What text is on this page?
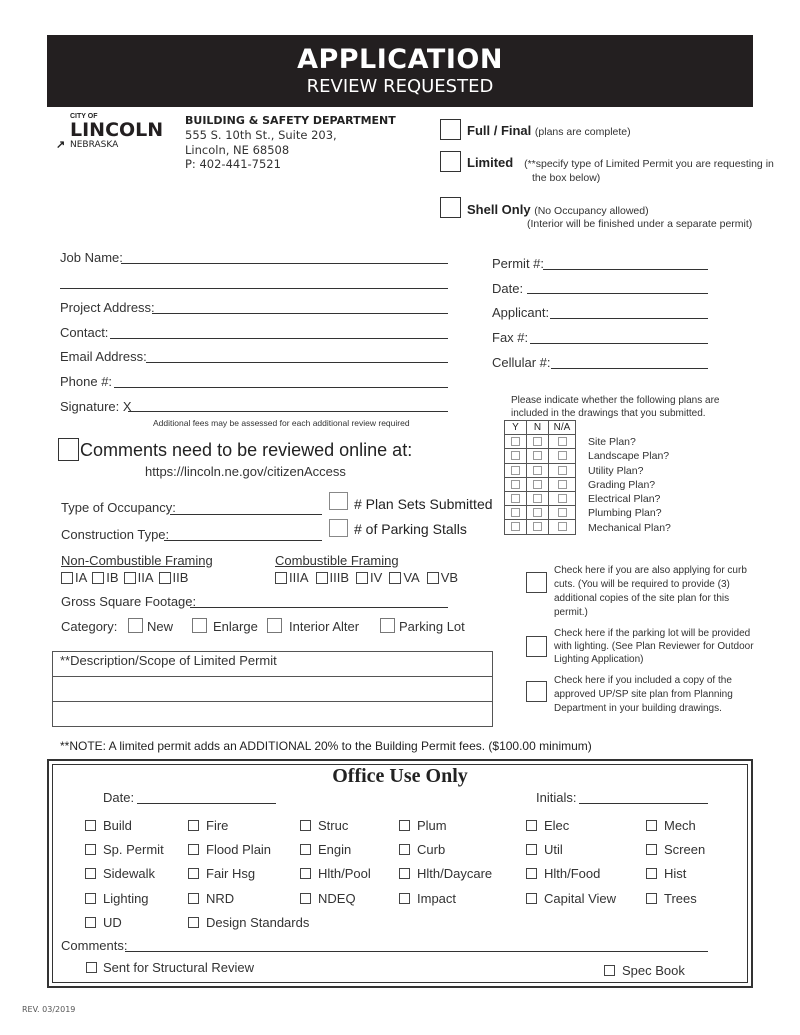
APPLICATION
REVIEW REQUESTED
CITY OF
LINCOLN
↗ NEBRASKA
BUILDING & SAFETY DEPARTMENT
555 S. 10th St., Suite 203,
Lincoln, NE 68508
P: 402-441-7521
Full / Final (plans are complete)
Limited (**specify type of Limited Permit you are requesting in
the box below)
Shell Only (No Occupancy allowed)
(Interior will be finished under a separate permit)
Job Name:
Project Address:
Contact:
Email Address:
Phone #:
Signature: X
Additional fees may be assessed for each additional review required
Permit #:
Date:
Applicant:
Fax #:
Cellular #:
Comments need to be reviewed online at:
https://lincoln.ne.gov/citizenAccess
Type of Occupancy:
Construction Type:
# Plan Sets Submitted
# of Parking Stalls
Non-Combustible Framing
IA IB IIA IIB
Combustible Framing
IIIA IIIB IV VA VB
Gross Square Footage:
Category: New	Enlarge Interior Alter	Parking Lot
**Description/Scope of Limited Permit
Please indicate whether the following plans are
included in the drawings that you submitted.
Y	N	N/A

Site Plan?
Landscape Plan?
Utility Plan?
Grading Plan?
Electrical Plan?
Plumbing Plan?
Mechanical Plan?
Check here if you are also applying for curb
cuts. (You will be required to provide (3)
additional copies of the site plan for this
permit.)
Check here if the parking lot will be provided
with lighting. (See Plan Reviewer for Outdoor
Lighting Application)
Check here if you included a copy of the
approved UP/SP site plan from Planning
Department in your building drawings.
**NOTE: A limited permit adds an ADDITIONAL 20% to the Building Permit fees. ($100.00 minimum)
Office Use Only
Date:	Initials:
Build	Fire	Struc	Plum	Elec	Mech
Sp. Permit	Flood Plain	Engin	Curb	Util	Screen
Sidewalk	Fair Hsg	Hlth/Pool	Hlth/Daycare	Hlth/Food	Hist
Lighting	NRD	NDEQ	Impact	Capital View	Trees
UD	Design Standards
Comments:
Sent for Structural Review	Spec Book
REV. 03/2019
